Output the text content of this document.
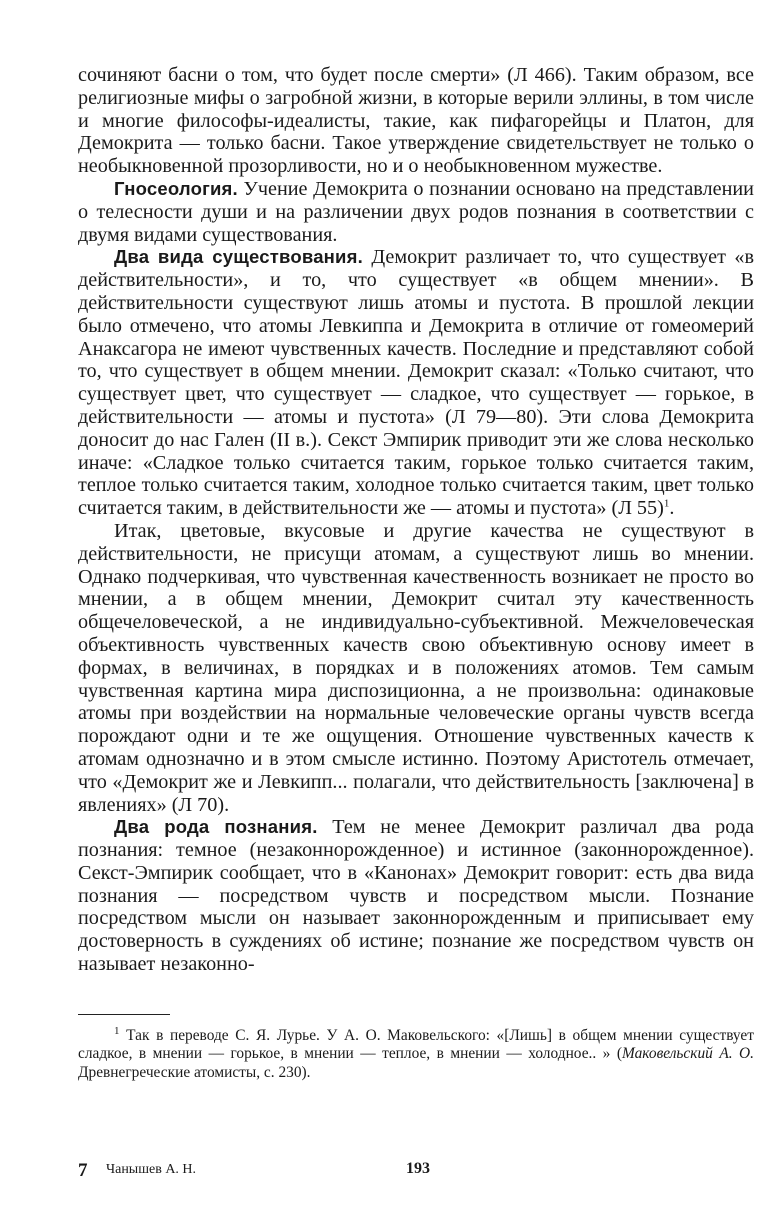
сочиняют басни о том, что будет после смерти» (Л 466). Таким образом, все религиозные мифы о загробной жизни, в которые верили эллины, в том числе и многие философы-идеалисты, такие, как пифагорейцы и Платон, для Демокрита — только басни. Такое утверждение свидетельствует не только о необыкновенной прозорливости, но и о необыкновенном мужестве.

Гносеология. Учение Демокрита о познании основано на представлении о телесности души и на различении двух родов познания в соответствии с двумя видами существования.

Два вида существования. Демокрит различает то, что существует «в действительности», и то, что существует «в общем мнении». В действительности существуют лишь атомы и пустота. В прошлой лекции было отмечено, что атомы Левкиппа и Демокрита в отличие от гомеомерий Анаксагора не имеют чувственных качеств. Последние и представляют собой то, что существует в общем мнении. Демокрит сказал: «Только считают, что существует цвет, что существует — сладкое, что существует — горькое, в действительности — атомы и пустота» (Л 79—80). Эти слова Демокрита доносит до нас Гален (II в.). Секст Эмпирик приводит эти же слова несколько иначе: «Сладкое только считается таким, горькое только считается таким, теплое только считается таким, холодное только считается таким, цвет только считается таким, в действительности же — атомы и пустота» (Л 55)$^1$.

Итак, цветовые, вкусовые и другие качества не существуют в действительности, не присущи атомам, а существуют лишь во мнении. Однако подчеркивая, что чувственная качественность возникает не просто во мнении, а в общем мнении, Демокрит считал эту качественность общечеловеческой, а не индивидуально-субъективной. Межчеловеческая объективность чувственных качеств свою объективную основу имеет в формах, в величинах, в порядках и в положениях атомов. Тем самым чувственная картина мира диспозиционна, а не произвольна: одинаковые атомы при воздействии на нормальные человеческие органы чувств всегда порождают одни и те же ощущения. Отношение чувственных качеств к атомам однозначно и в этом смысле истинно. Поэтому Аристотель отмечает, что «Демокрит же и Левкипп... полагали, что действительность [заключена] в явлениях» (Л 70).

Два рода познания. Тем не менее Демокрит различал два рода познания: темное (незаконнорожденное) и истинное (законнорожденное). Секст-Эмпирик сообщает, что в «Канонах» Демокрит говорит: есть два вида познания — посредством чувств и посредством мысли. Познание посредством мысли он называет законнорожденным и приписывает ему достоверность в суждениях об истине; познание же посредством чувств он называет незаконно-

$^1$ Так в переводе С. Я. Лурье. У А. О. Маковельского: «[Лишь] в общем мнении существует сладкое, в мнении — горькое, в мнении — теплое, в мнении — холодное.. » (Маковельский А. О. Древнегреческие атомисты, с. 230).

7 Чанышев А. Н.	193
